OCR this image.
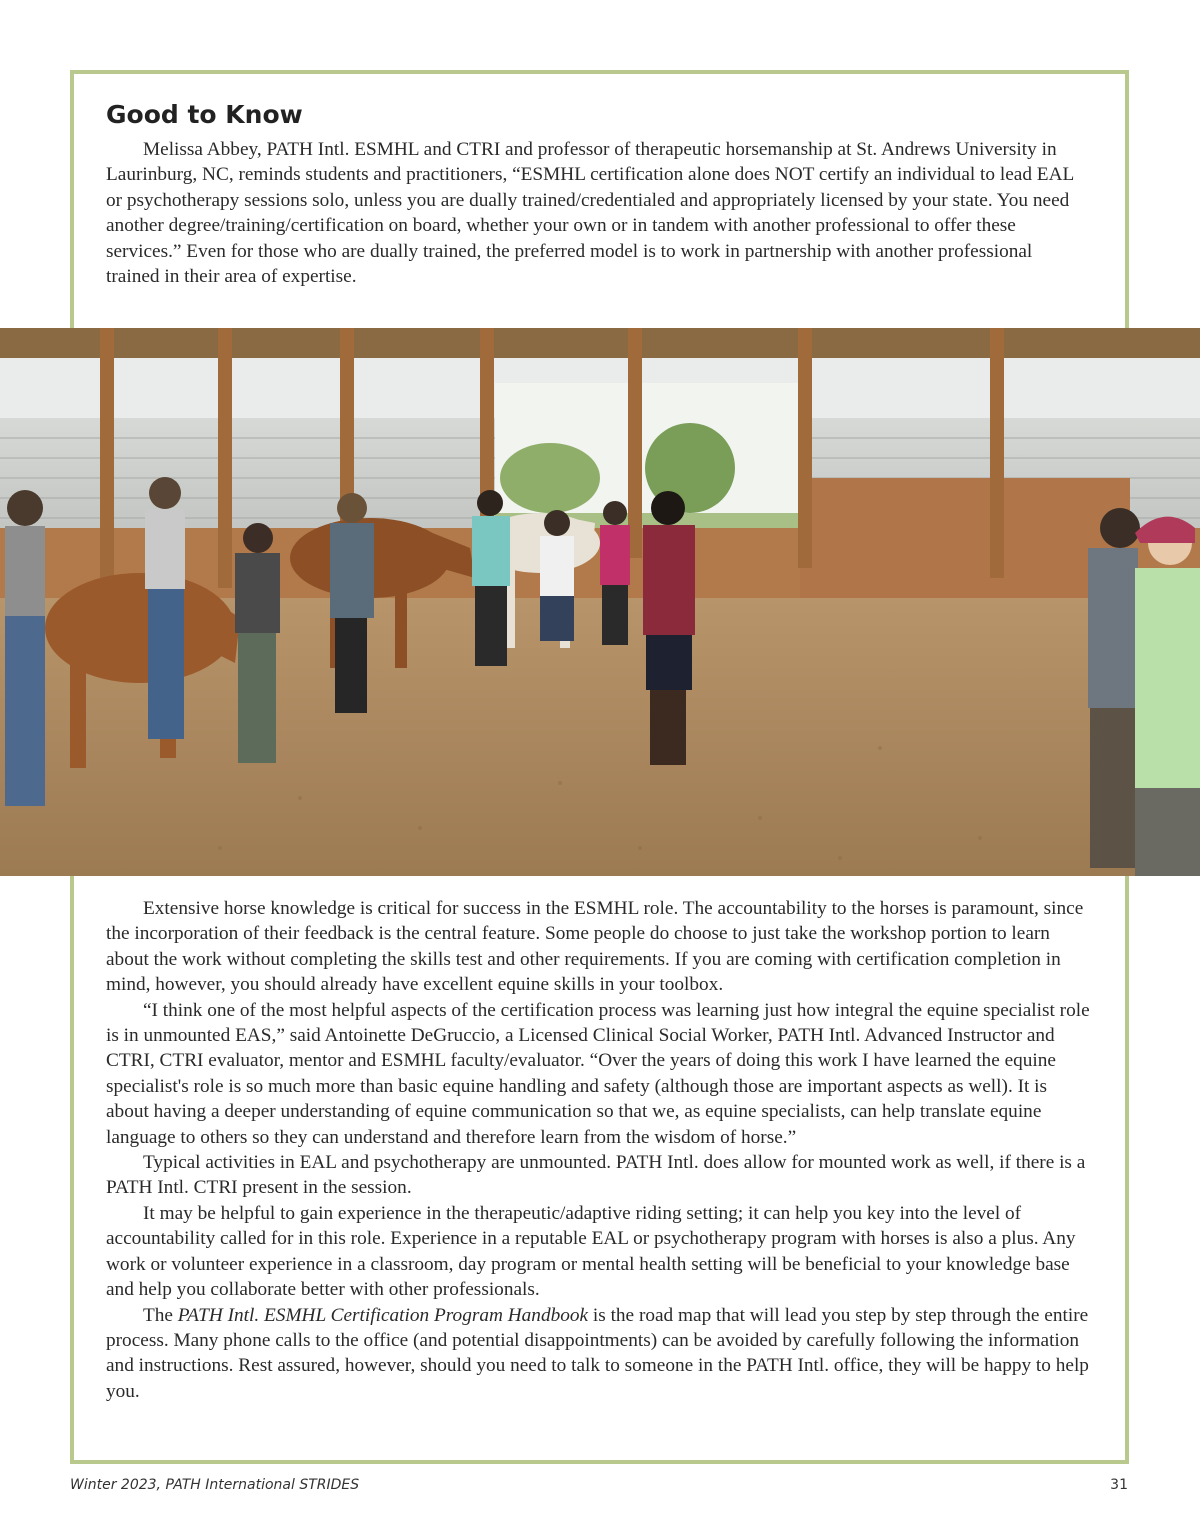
Good to Know

Melissa Abbey, PATH Intl. ESMHL and CTRI and professor of therapeutic horsemanship at St. Andrews University in Laurinburg, NC, reminds students and practitioners, “ESMHL certification alone does NOT certify an individual to lead EAL or psychotherapy sessions solo, unless you are dually trained/credentialed and appropriately licensed by your state. You need another degree/training/certification on board, whether your own or in tandem with another professional to offer these services.” Even for those who are dually trained, the preferred model is to work in partnership with another professional trained in their area of expertise.

Extensive horse knowledge is critical for success in the ESMHL role. The accountability to the horses is paramount, since the incorporation of their feedback is the central feature. Some people do choose to just take the workshop portion to learn about the work without completing the skills test and other requirements. If you are coming with certification completion in mind, however, you should already have excellent equine skills in your toolbox.

“I think one of the most helpful aspects of the certification process was learning just how integral the equine specialist role is in unmounted EAS,” said Antoinette DeGruccio, a Licensed Clinical Social Worker, PATH Intl. Advanced Instructor and CTRI, CTRI evaluator, mentor and ESMHL faculty/evaluator. “Over the years of doing this work I have learned the equine specialist's role is so much more than basic equine handling and safety (although those are important aspects as well). It is about having a deeper understanding of equine communication so that we, as equine specialists, can help translate equine language to others so they can understand and therefore learn from the wisdom of horse.”

Typical activities in EAL and psychotherapy are unmounted. PATH Intl. does allow for mounted work as well, if there is a PATH Intl. CTRI present in the session.

It may be helpful to gain experience in the therapeutic/adaptive riding setting; it can help you key into the level of accountability called for in this role. Experience in a reputable EAL or psychotherapy program with horses is also a plus. Any work or volunteer experience in a classroom, day program or mental health setting will be beneficial to your knowledge base and help you collaborate better with other professionals.

The PATH Intl. ESMHL Certification Program Handbook is the road map that will lead you step by step through the entire process. Many phone calls to the office (and potential disappointments) can be avoided by carefully following the information and instructions. Rest assured, however, should you need to talk to someone in the PATH Intl. office, they will be happy to help you.

Winter 2023, PATH International STRIDES	31
